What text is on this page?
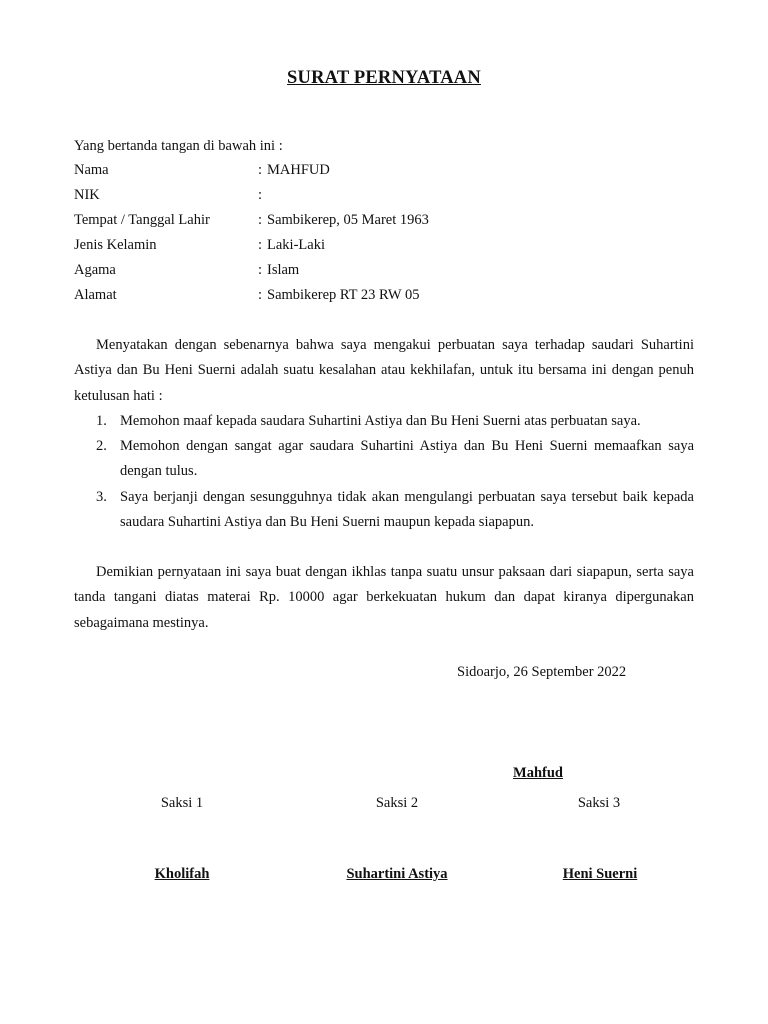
SURAT PERNYATAAN
Yang bertanda tangan di bawah ini :
Nama	: MAHFUD
NIK	:
Tempat / Tanggal Lahir	: Sambikerep, 05 Maret 1963
Jenis Kelamin	: Laki-Laki
Agama	: Islam
Alamat	: Sambikerep RT 23 RW 05
Menyatakan dengan sebenarnya bahwa saya mengakui perbuatan saya terhadap saudari Suhartini Astiya dan Bu Heni Suerni adalah suatu kesalahan atau kekhilafan, untuk itu bersama ini dengan penuh ketulusan hati :
1. Memohon maaf kepada saudara Suhartini Astiya dan Bu Heni Suerni atas perbuatan saya.
2. Memohon dengan sangat agar saudara Suhartini Astiya dan Bu Heni Suerni memaafkan saya dengan tulus.
3. Saya berjanji dengan sesungguhnya tidak akan mengulangi perbuatan saya tersebut baik kepada saudara Suhartini Astiya dan Bu Heni Suerni maupun kepada siapapun.
Demikian pernyataan ini saya buat dengan ikhlas tanpa suatu unsur paksaan dari siapapun, serta saya tanda tangani diatas materai Rp. 10000 agar berkekuatan hukum dan dapat kiranya dipergunakan sebagaimana mestinya.
Sidoarjo, 26 September 2022
Mahfud
Saksi 1	Saksi 2	Saksi 3
Kholifah	Suhartini Astiya	Heni Suerni
